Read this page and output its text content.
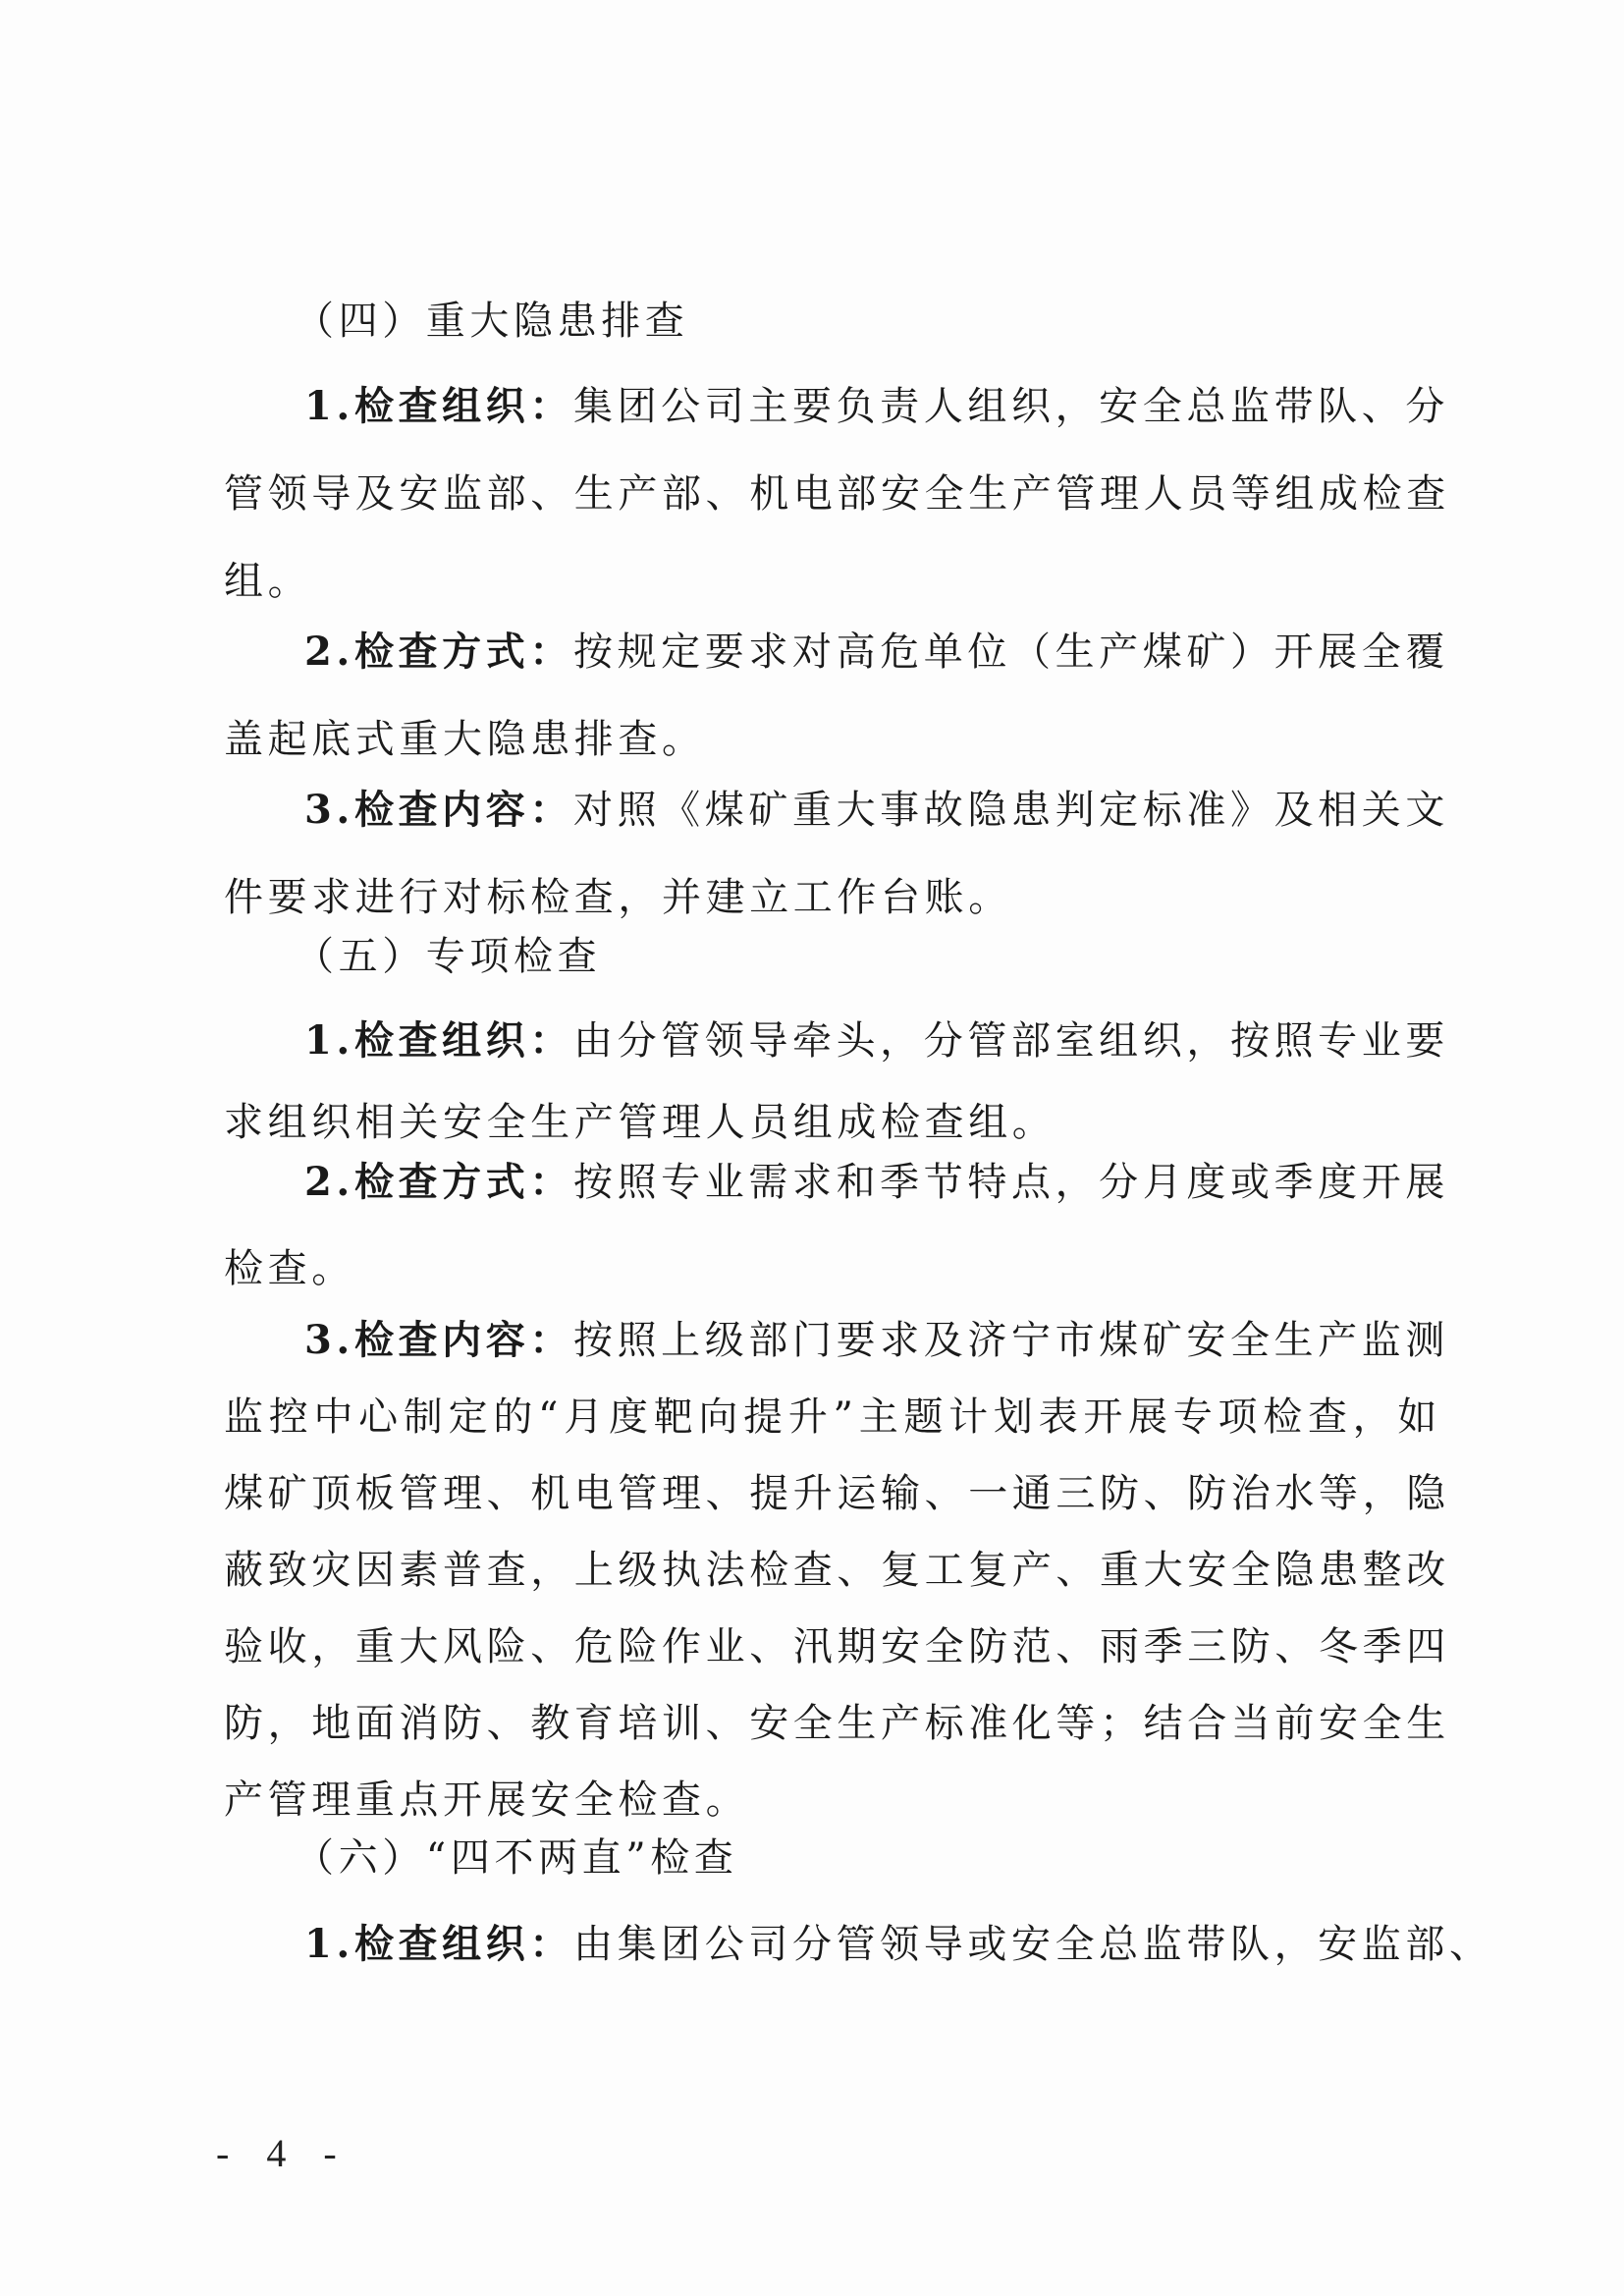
（四）重大隐患排查
1.检查组织：集团公司主要负责人组织，安全总监带队、分
管领导及安监部、生产部、机电部安全生产管理人员等组成检查
组。
2.检查方式：按规定要求对高危单位（生产煤矿）开展全覆
盖起底式重大隐患排查。
3.检查内容：对照《煤矿重大事故隐患判定标准》及相关文
件要求进行对标检查，并建立工作台账。
（五）专项检查
1.检查组织：由分管领导牵头，分管部室组织，按照专业要
求组织相关安全生产管理人员组成检查组。
2.检查方式：按照专业需求和季节特点，分月度或季度开展
检查。
3.检查内容：按照上级部门要求及济宁市煤矿安全生产监测
监控中心制定的“月度靶向提升”主题计划表开展专项检查，如
煤矿顶板管理、机电管理、提升运输、一通三防、防治水等，隐
蔽致灾因素普查，上级执法检查、复工复产、重大安全隐患整改
验收，重大风险、危险作业、汛期安全防范、雨季三防、冬季四
防，地面消防、教育培训、安全生产标准化等；结合当前安全生
产管理重点开展安全检查。
（六）“四不两直”检查
1.检查组织：由集团公司分管领导或安全总监带队，安监部、
- 4 -
